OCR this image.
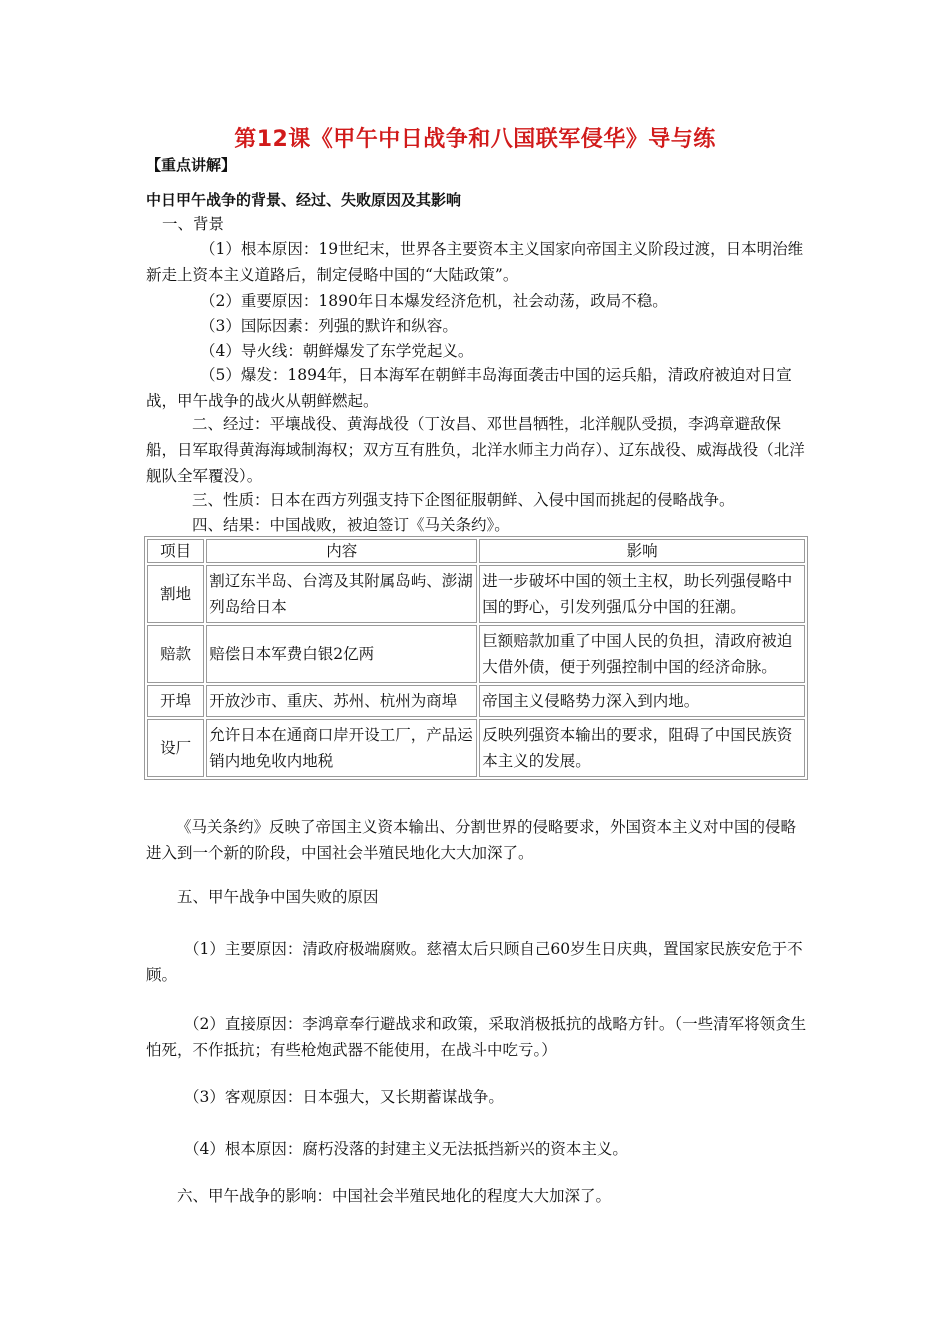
第12课《甲午中日战争和八国联军侵华》导与练
【重点讲解】
中日甲午战争的背景、经过、失败原因及其影响
一、背景
（1）根本原因：19世纪末，世界各主要资本主义国家向帝国主义阶段过渡，日本明治维新走上资本主义道路后，制定侵略中国的“大陆政策”。
（2）重要原因：1890年日本爆发经济危机，社会动荡，政局不稳。
（3）国际因素：列强的默许和纵容。
（4）导火线：朝鲜爆发了东学党起义。
（5）爆发：1894年，日本海军在朝鲜丰岛海面袭击中国的运兵船，清政府被迫对日宣战，甲午战争的战火从朝鲜燃起。
二、经过：平壤战役、黄海战役（丁汝昌、邓世昌牺牲，北洋舰队受损，李鸿章避敌保船，日军取得黄海海域制海权；双方互有胜负，北洋水师主力尚存）、辽东战役、威海战役（北洋舰队全军覆没）。
三、性质：日本在西方列强支持下企图征服朝鲜、入侵中国而挑起的侵略战争。
四、结果：中国战败，被迫签订《马关条约》。
项目	内容	影响
割地	割辽东半岛、台湾及其附属岛屿、澎湖列岛给日本	进一步破坏中国的领土主权，助长列强侵略中国的野心，引发列强瓜分中国的狂潮。
赔款	赔偿日本军费白银2亿两	巨额赔款加重了中国人民的负担，清政府被迫大借外债，便于列强控制中国的经济命脉。
开埠	开放沙市、重庆、苏州、杭州为商埠	帝国主义侵略势力深入到内地。
设厂	允许日本在通商口岸开设工厂，产品运销内地免收内地税	反映列强资本输出的要求，阻碍了中国民族资本主义的发展。
《马关条约》反映了帝国主义资本输出、分割世界的侵略要求，外国资本主义对中国的侵略进入到一个新的阶段，中国社会半殖民地化大大加深了。
五、甲午战争中国失败的原因
（1）主要原因：清政府极端腐败。慈禧太后只顾自己60岁生日庆典，置国家民族安危于不顾。
（2）直接原因：李鸿章奉行避战求和政策，采取消极抵抗的战略方针。（一些清军将领贪生怕死，不作抵抗；有些枪炮武器不能使用，在战斗中吃亏。）
（3）客观原因：日本强大，又长期蓄谋战争。
（4）根本原因：腐朽没落的封建主义无法抵挡新兴的资本主义。
六、甲午战争的影响：中国社会半殖民地化的程度大大加深了。
